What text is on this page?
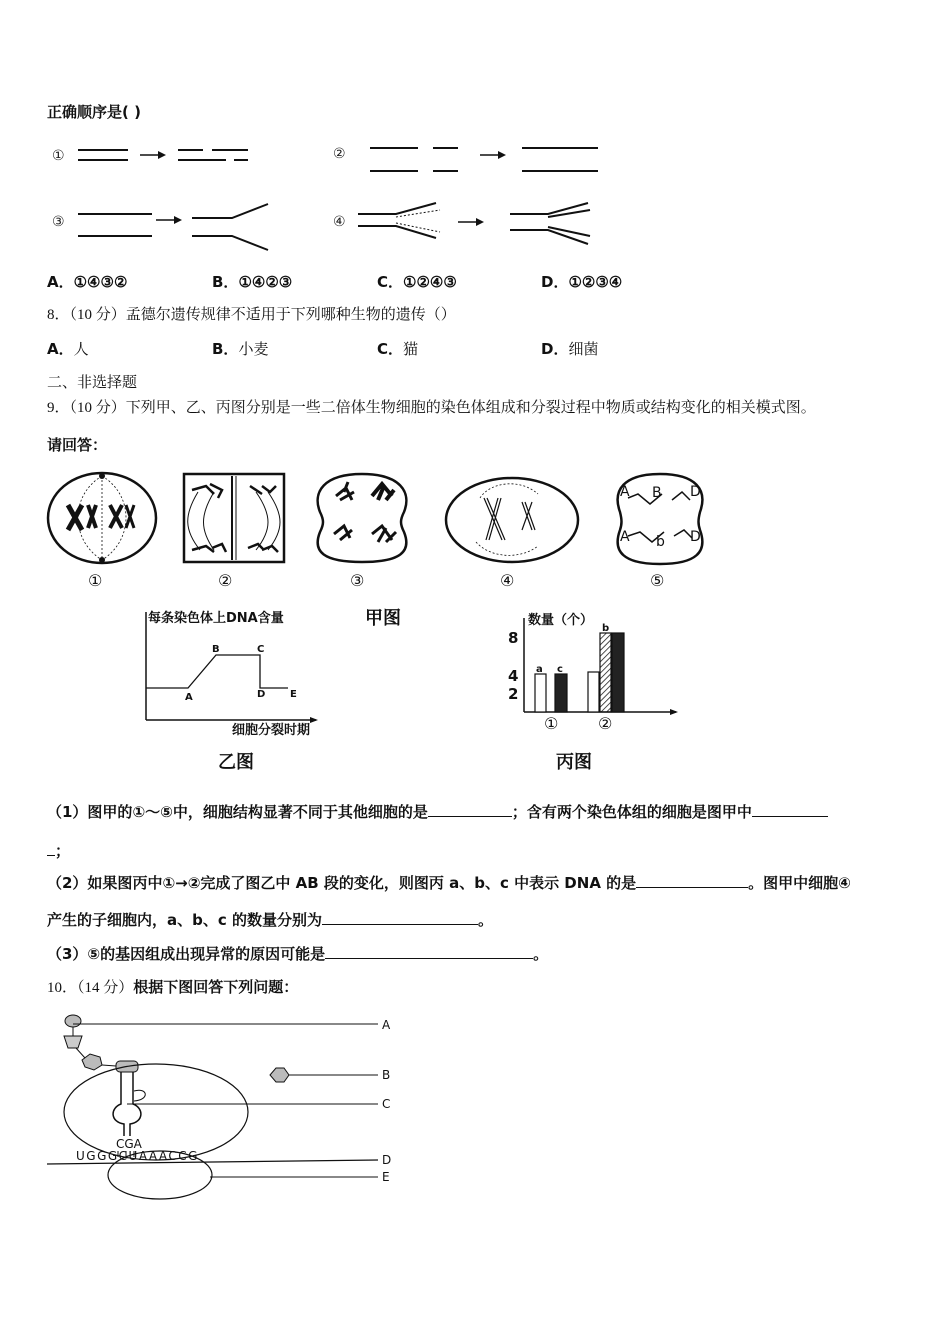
正确顺序是( )
①	②
③	④
A．①④③②	B．①④②③	C．①②④③	D．①②③④
8．（10 分）孟德尔遗传规律不适用于下列哪种生物的遗传（）
A．人	B．小麦	C．猫	D．细菌
二、非选择题
9．（10 分）下列甲、乙、丙图分别是一些二倍体生物细胞的染色体组成和分裂过程中物质或结构变化的相关模式图。
请回答：
①	②	③	④
A B D
A b D
⑤
每条染色体上DNA含量
A
B	C
D E
细胞分裂时期
乙图
甲图	数量（个）
8
4
2
a c
b
① ②
丙图
（1）图甲的①～⑤中，细胞结构显著不同于其他细胞的是	；含有两个染色体组的细胞是图甲中
；
（2）如果图丙中①→②完成了图乙中 AB 段的变化，则图丙 a、b、c 中表示 DNA 的是	。图甲中细胞④
产生的子细胞内，a、b、c 的数量分别为	。
（3）⑤的基因组成出现异常的原因可能是	。
10．（14 分）根据下图回答下列问题：
CGA
UGGGCUAAACCG
A
B
C
D
E
